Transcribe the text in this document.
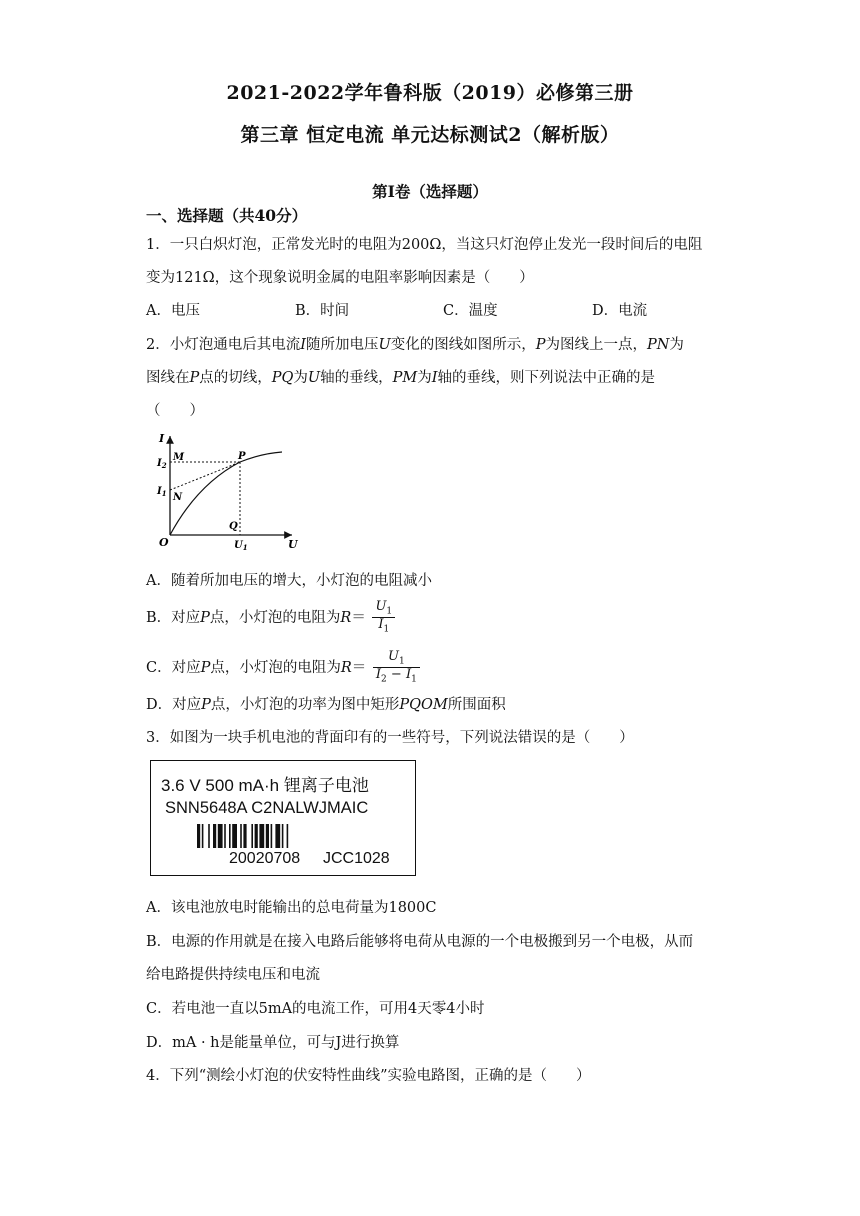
2021-2022学年鲁科版（2019）必修第三册
第三章 恒定电流 单元达标测试2（解析版）
第Ⅰ卷（选择题）
一、选择题（共40分）
1．一只白炽灯泡，正常发光时的电阻为200Ω，当这只灯泡停止发光一段时间后的电阻
变为121Ω，这个现象说明金属的电阻率影响因素是（　　）
A．电压	B．时间	C．温度	D．电流
2．小灯泡通电后其电流I随所加电压U变化的图线如图所示，P为图线上一点，PN为
图线在P点的切线，PQ为U轴的垂线，PM为I轴的垂线，则下列说法中正确的是
（　　）
I
U
O
M
N
P
Q
$I_2$
$I_1$
$U_1$
A．随着所加电压的增大，小灯泡的电阻减小
B．对应P点，小灯泡的电阻为$R= \frac{U_1}{I_1}$
C．对应P点，小灯泡的电阻为$R= \frac{U_1}{I_2 - I_1}$
D．对应P点，小灯泡的功率为图中矩形PQOM所围面积
3．如图为一块手机电池的背面印有的一些符号，下列说法错误的是（　　）
3.6 V 500 mA·h 锂离子电池
SNN5648A C2NALWJMAIC
20020708 JCC1028
A．该电池放电时能输出的总电荷量为1800C
B．电源的作用就是在接入电路后能够将电荷从电源的一个电极搬到另一个电极，从而
给电路提供持续电压和电流
C．若电池一直以5mA的电流工作，可用4天零4小时
D．mA · h是能量单位，可与J进行换算
4．下列“测绘小灯泡的伏安特性曲线”实验电路图，正确的是（　　）
